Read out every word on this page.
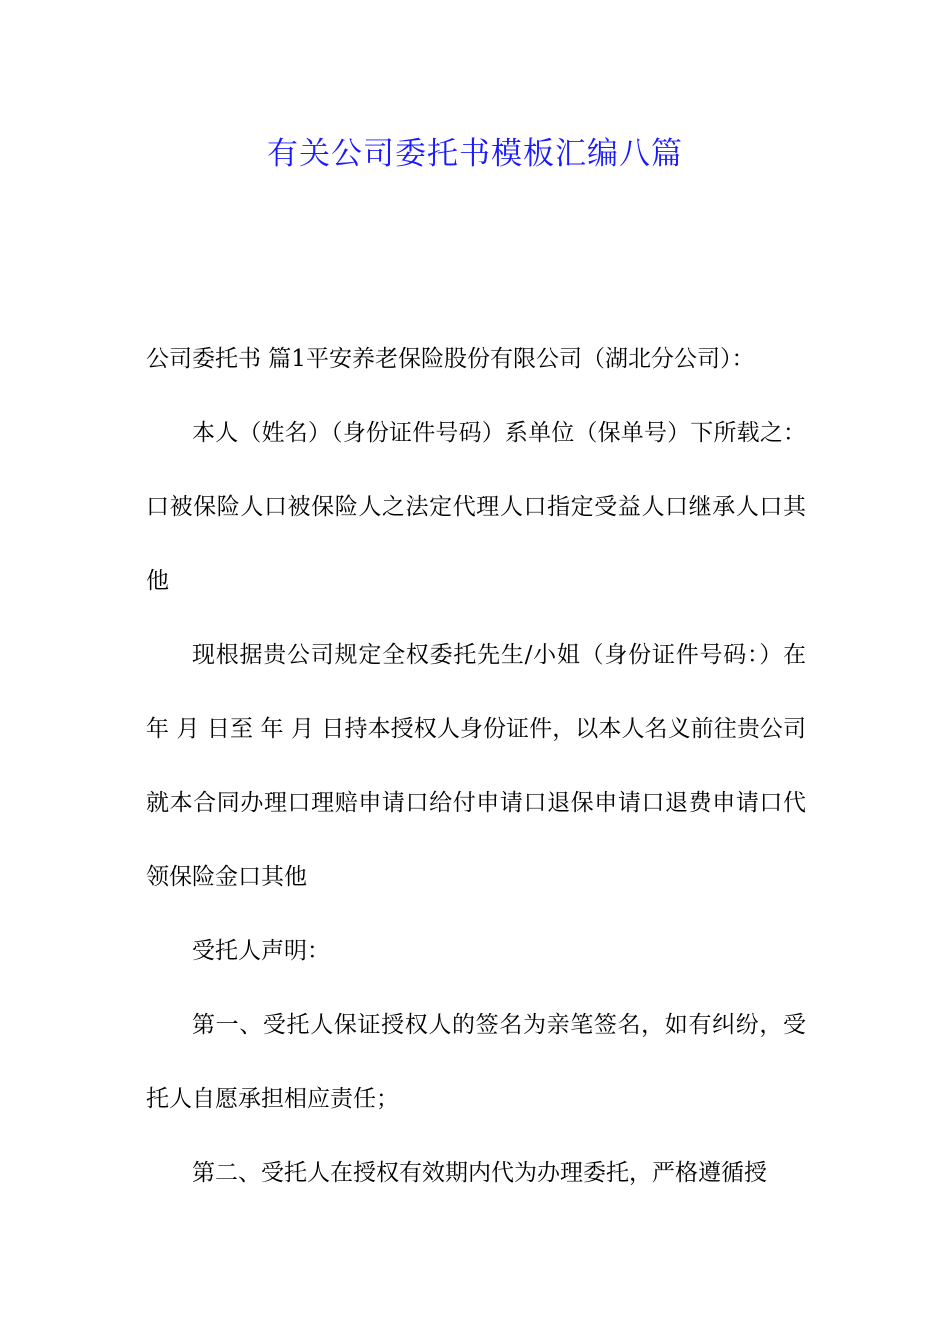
有关公司委托书模板汇编八篇

公司委托书 篇1平安养老保险股份有限公司（湖北分公司）：

本人（姓名）（身份证件号码）系单位（保单号）下所载之：口被保险人口被保险人之法定代理人口指定受益人口继承人口其他

现根据贵公司规定全权委托先生/小姐（身份证件号码：）在 年 月 日至 年 月 日持本授权人身份证件，以本人名义前往贵公司就本合同办理口理赔申请口给付申请口退保申请口退费申请口代领保险金口其他

受托人声明：

第一、受托人保证授权人的签名为亲笔签名，如有纠纷，受托人自愿承担相应责任；

第二、受托人在授权有效期内代为办理委托，严格遵循授
